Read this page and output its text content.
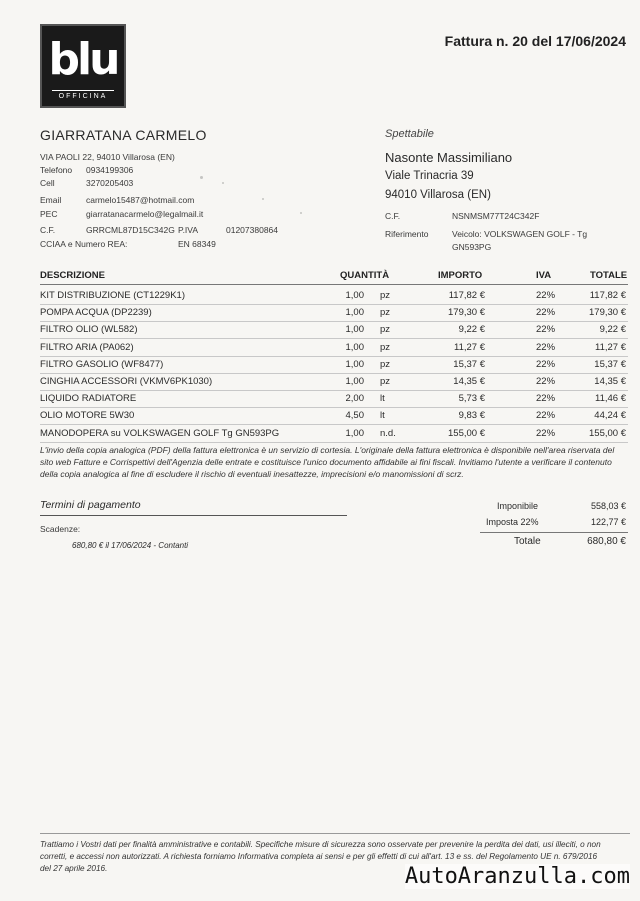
blu
OFFICINA
Fattura n. 20 del 17/06/2024
GIARRATANA CARMELO
VIA PAOLI 22, 94010 Villarosa (EN)
Telefono 0934199306
Cell	3270205403
Email	carmelo15487@hotmail.com
PEC	giarratanacarmelo@legalmail.it
C.F.	GRRCML87D15C342G P.IVA	01207380864
CCIAA e Numero REA:	EN 68349
Spettabile
Nasonte Massimiliano
Viale Trinacria 39
94010 Villarosa (EN)
C.F.	NSNMSM77T24C342F
Riferimento	Veicolo: VOLKSWAGEN GOLF - Tg
GN593PG
DESCRIZIONE	QUANTITÀ	IMPORTO	IVA	TOTALE
KIT DISTRIBUZIONE (CT1229K1)	1,00 pz	117,82 €	22%	117,82 €
POMPA ACQUA (DP2239)	1,00 pz	179,30 €	22%	179,30 €
FILTRO OLIO (WL582)	1,00 pz	9,22 €	22%	9,22 €
FILTRO ARIA (PA062)	1,00 pz	11,27 €	22%	11,27 €
FILTRO GASOLIO (WF8477)	1,00 pz	15,37 €	22%	15,37 €
CINGHIA ACCESSORI (VKMV6PK1030)	1,00 pz	14,35 €	22%	14,35 €
LIQUIDO RADIATORE	2,00 lt	5,73 €	22%	11,46 €
OLIO MOTORE 5W30	4,50 lt	9,83 €	22%	44,24 €
MANODOPERA su VOLKSWAGEN GOLF Tg GN593PG	1,00 n.d.	155,00 €	22%	155,00 €
L'invio della copia analogica (PDF) della fattura elettronica è un servizio di cortesia. L'originale della fattura elettronica è disponibile nell'area riservata del sito web Fatture e Corrispettivi dell'Agenzia delle entrate e costituisce l'unico documento affidabile ai fini fiscali. Invitiamo l'utente a verificare il contenuto della copia analogica al fine di escludere il rischio di eventuali inesattezze, imprecisioni e/o manomissioni di scrz.
Termini di pagamento
Scadenze:
680,80 € il 17/06/2024 - Contanti
Imponibile	558,03 €
Imposta 22%	122,77 €
Totale	680,80 €
Trattiamo i Vostri dati per finalità amministrative e contabili. Specifiche misure di sicurezza sono osservate per prevenire la perdita dei dati, usi illeciti, o non corretti, e accessi non autorizzati. A richiesta forniamo Informativa completa ai sensi e per gli effetti di cui all'art. 13 e ss. del Regolamento UE n. 679/2016 del 27 aprile 2016.	AutoAranzulla.com
